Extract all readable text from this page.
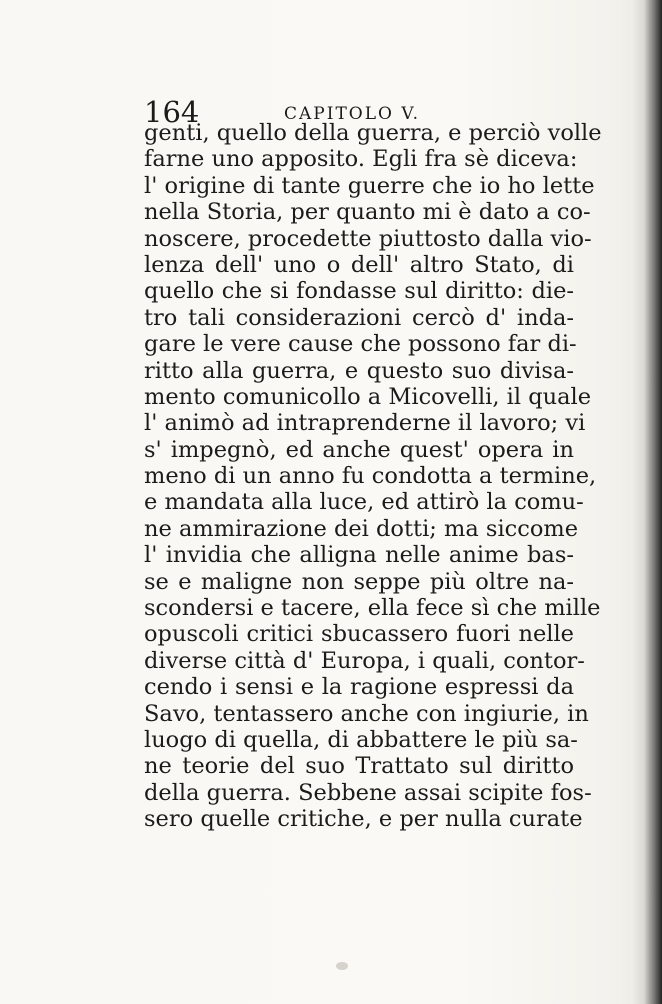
164	CAPITOLO V.
genti, quello della guerra, e perciò volle
farne uno apposito. Egli fra sè diceva:
l' origine di tante guerre che io ho lette
nella Storia, per quanto mi è dato a co-
noscere, procedette piuttosto dalla vio-
lenza dell' uno o dell' altro Stato, di
quello che si fondasse sul diritto: die-
tro tali considerazioni cercò d' inda-
gare le vere cause che possono far di-
ritto alla guerra, e questo suo divisa-
mento comunicollo a Micovelli, il quale
l' animò ad intraprenderne il lavoro; vi
s' impegnò, ed anche quest' opera in
meno di un anno fu condotta a termine,
e mandata alla luce, ed attirò la comu-
ne ammirazione dei dotti; ma siccome
l' invidia che alligna nelle anime bas-
se e maligne non seppe più oltre na-
scondersi e tacere, ella fece sì che mille
opuscoli critici sbucassero fuori nelle
diverse città d' Europa, i quali, contor-
cendo i sensi e la ragione espressi da
Savo, tentassero anche con ingiurie, in
luogo di quella, di abbattere le più sa-
ne teorie del suo Trattato sul diritto
della guerra. Sebbene assai scipite fos-
sero quelle critiche, e per nulla curate
